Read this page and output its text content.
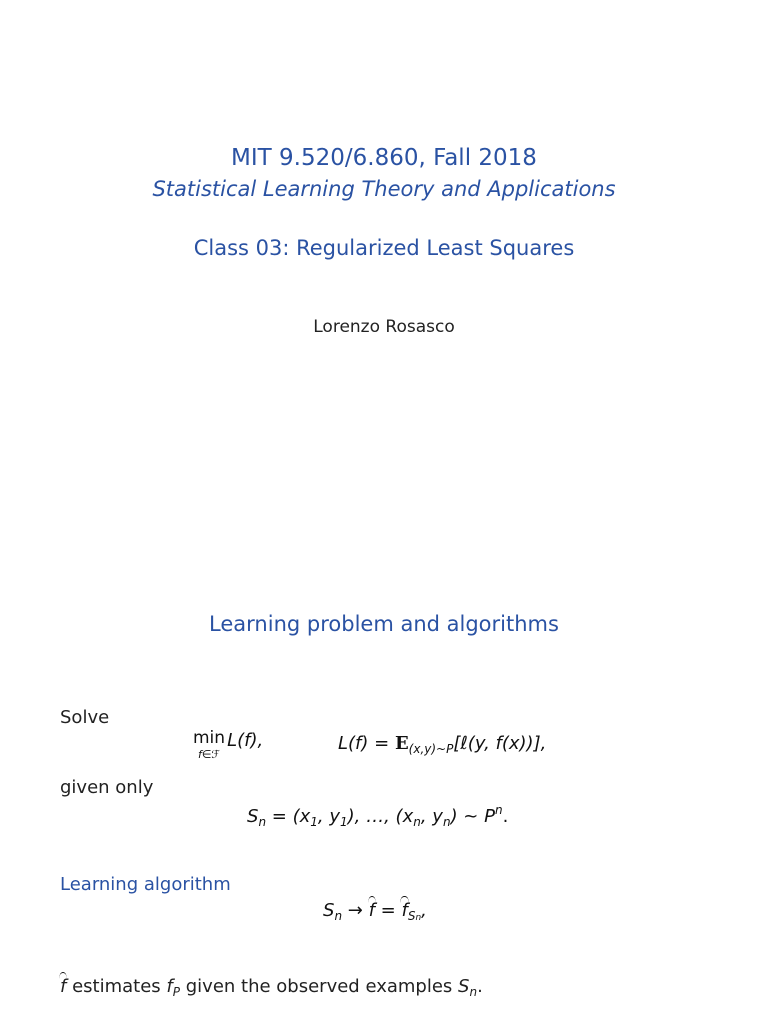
MIT 9.520/6.860, Fall 2018
Statistical Learning Theory and Applications
Class 03: Regularized Least Squares
Lorenzo Rosasco
Learning problem and algorithms
Solve
min
f∈ℱ
L(f),	$L(f) = E_{(x,y)\sim P}[\ell(y$, f(x))],
given only
$S_n = (x_1$, $y_1$), …, ($x_n$, $y_n$) ~ $P^n$.
Learning algorithm
$S_n \to f = f_{Sn}$,
f estimates $f_P$ given the observed examples $S_n$.
